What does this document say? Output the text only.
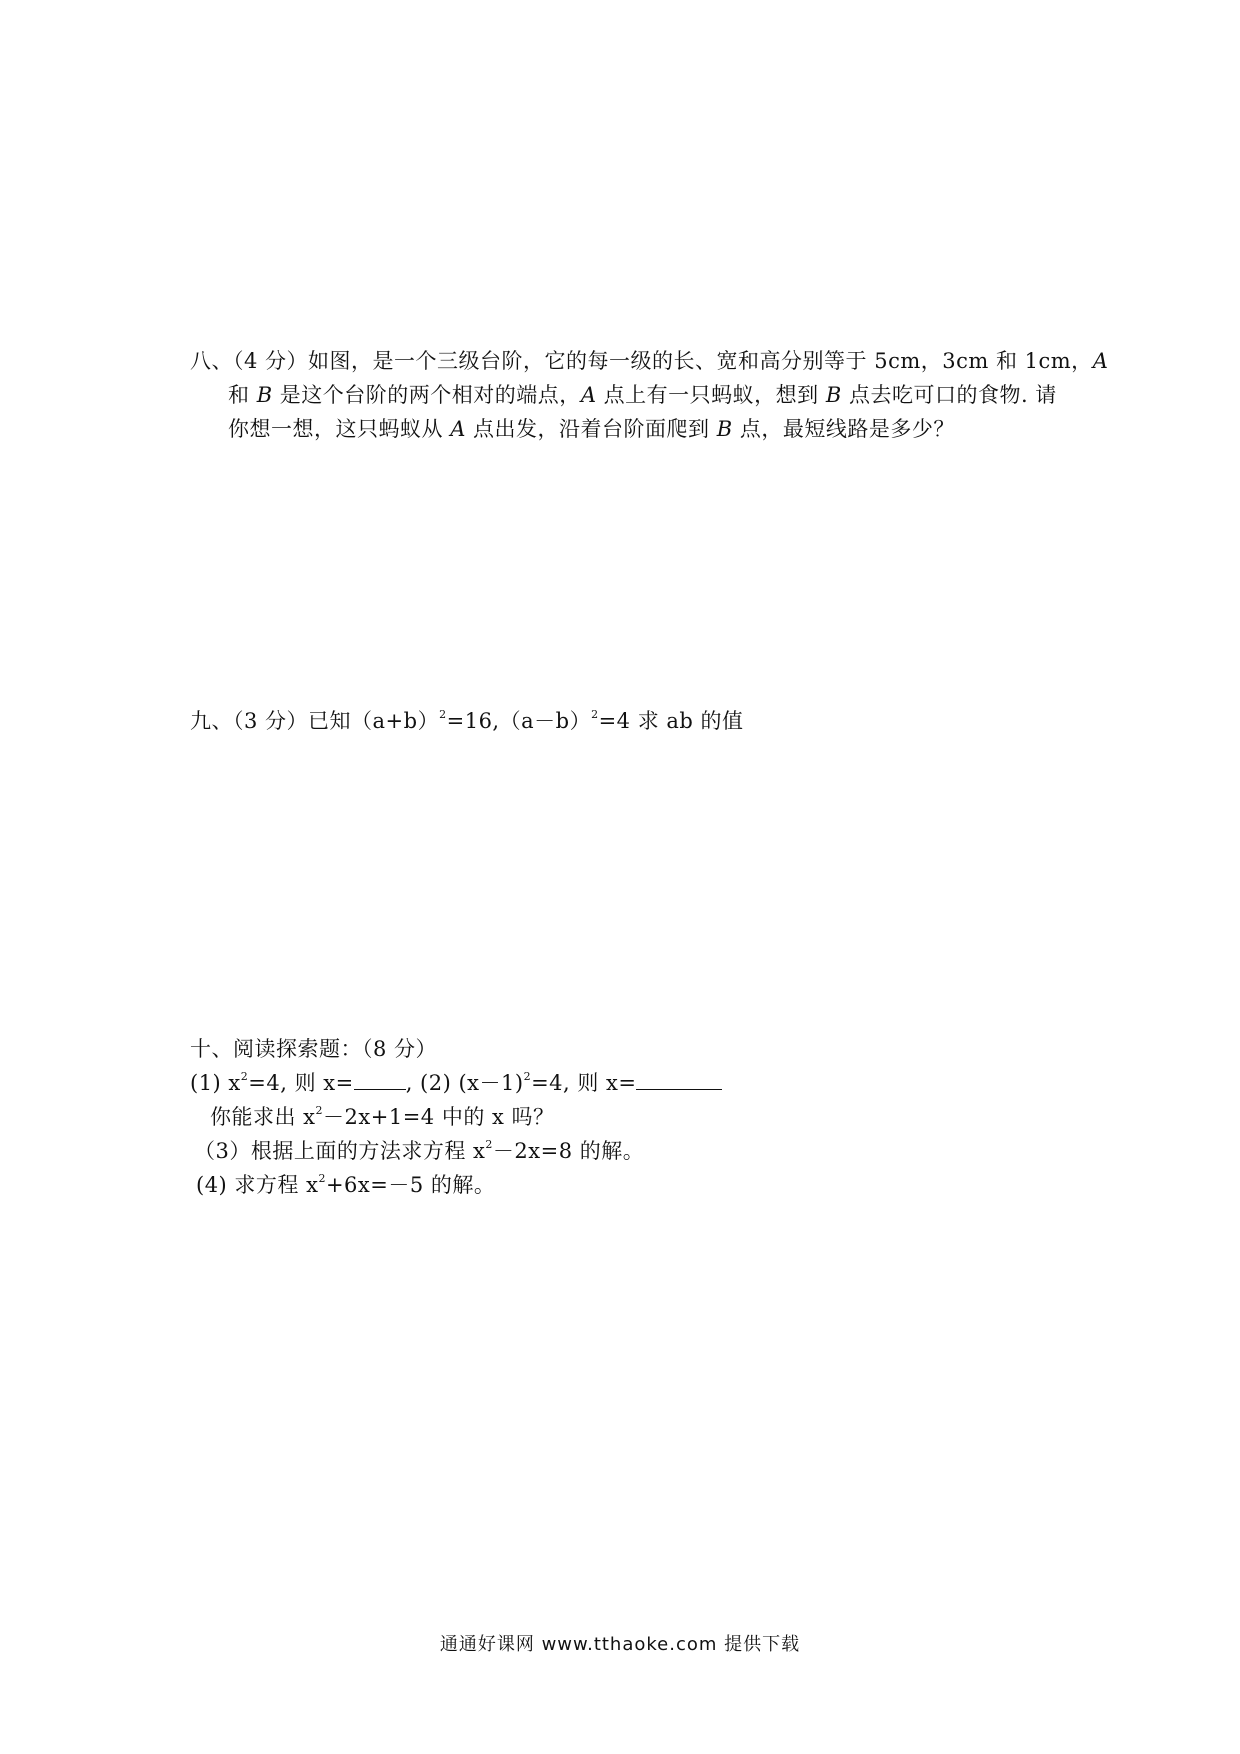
八、（4 分）如图，是一个三级台阶，它的每一级的长、宽和高分别等于 5cm，3cm 和 1cm，A
和 B 是这个台阶的两个相对的端点，A 点上有一只蚂蚁，想到 B 点去吃可口的食物. 请
你想一想，这只蚂蚁从 A 点出发，沿着台阶面爬到 B 点，最短线路是多少？
九、（3 分）已知$(a+b)^2=16,(a-b)^2=4$ 求 ab 的值
十、阅读探索题：（8 分）
(1) $x^2=4$, 则 x= , (2) $(x-1)^2=4$, 则 x=
你能求出 $x^2-2x+1=4$ 中的 x 吗？
（3）根据上面的方法求方程 $x^2-2x=8$ 的解。
(4) 求方程 $x^2+6x=-5$ 的解。
通通好课网 www.tthaoke.com 提供下载
